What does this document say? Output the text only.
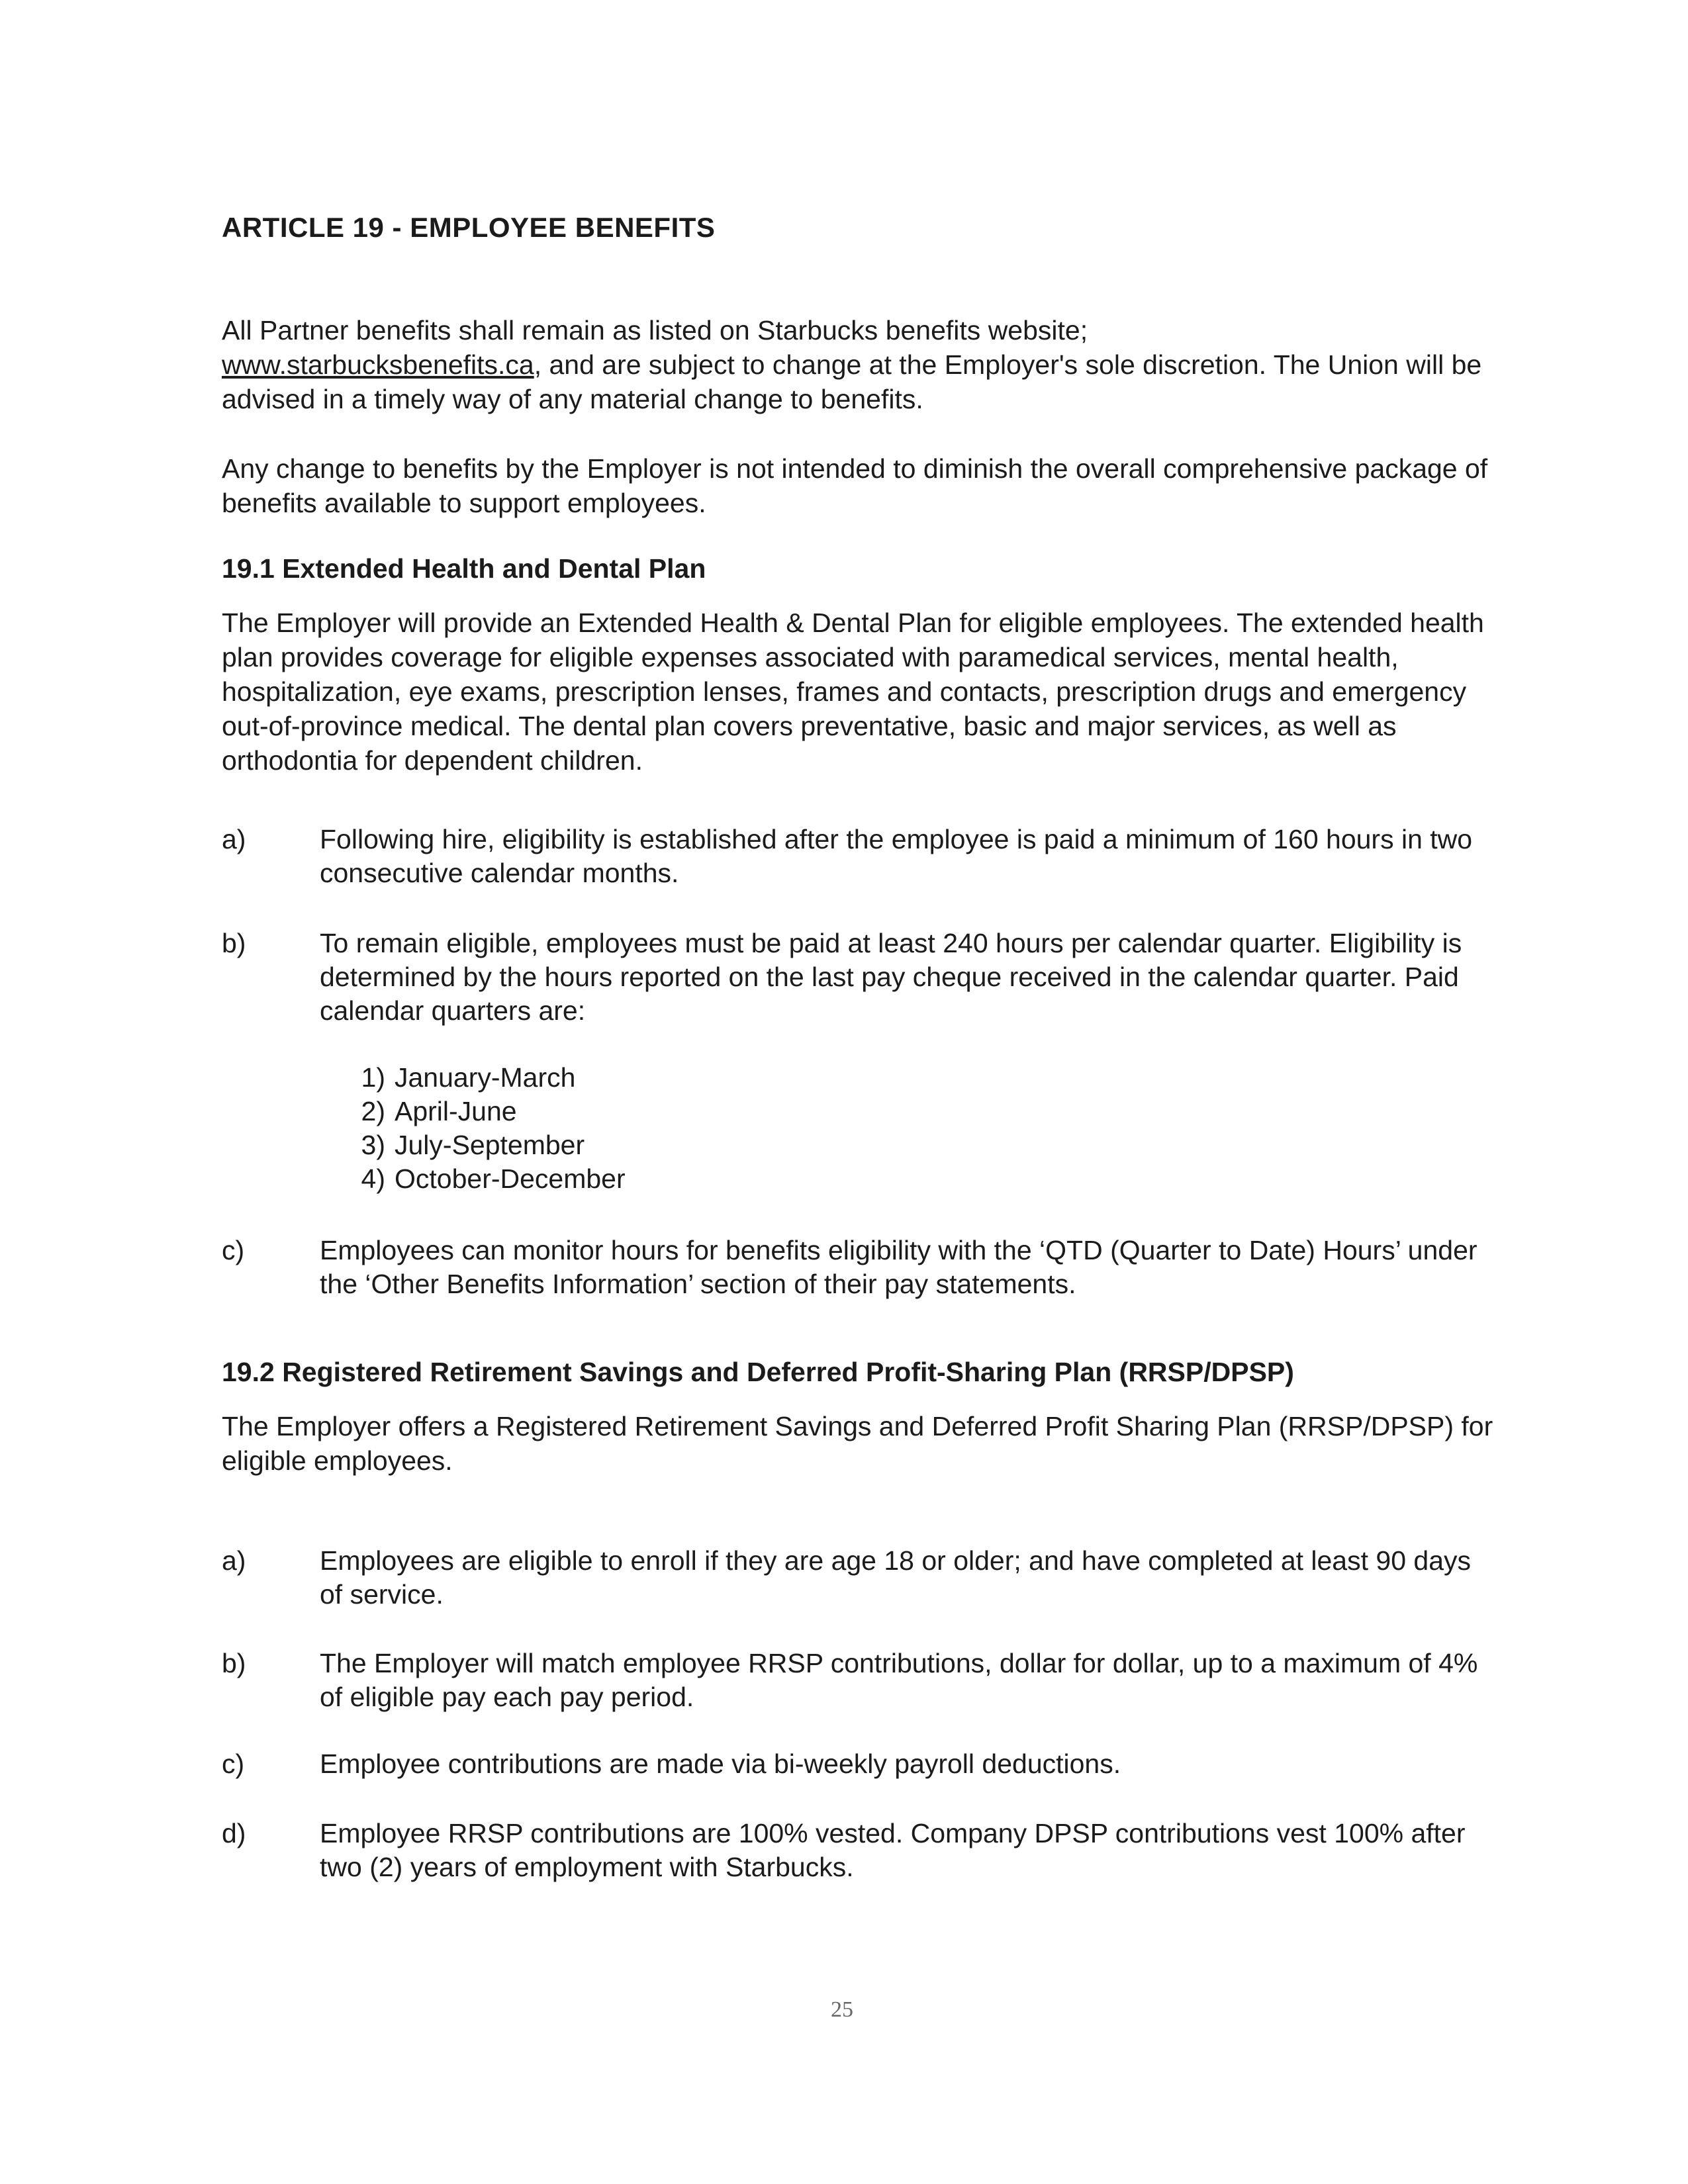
ARTICLE 19 - EMPLOYEE BENEFITS

All Partner benefits shall remain as listed on Starbucks benefits website;
www.starbucksbenefits.ca, and are subject to change at the Employer's sole discretion. The Union will be advised in a timely way of any material change to benefits.

Any change to benefits by the Employer is not intended to diminish the overall comprehensive package of benefits available to support employees.

19.1 Extended Health and Dental Plan

The Employer will provide an Extended Health & Dental Plan for eligible employees. The extended health plan provides coverage for eligible expenses associated with paramedical services, mental health, hospitalization, eye exams, prescription lenses, frames and contacts, prescription drugs and emergency out-of-province medical. The dental plan covers preventative, basic and major services, as well as orthodontia for dependent children.

a)	Following hire, eligibility is established after the employee is paid a minimum of 160 hours in two consecutive calendar months.
b)	To remain eligible, employees must be paid at least 240 hours per calendar quarter. Eligibility is determined by the hours reported on the last pay cheque received in the calendar quarter. Paid calendar quarters are:
1) January-March
2) April-June
3) July-September
4) October-December
c)	Employees can monitor hours for benefits eligibility with the ‘QTD (Quarter to Date) Hours’ under the ‘Other Benefits Information’ section of their pay statements.
19.2 Registered Retirement Savings and Deferred Profit-Sharing Plan (RRSP/DPSP)

The Employer offers a Registered Retirement Savings and Deferred Profit Sharing Plan (RRSP/DPSP) for eligible employees.

a)	Employees are eligible to enroll if they are age 18 or older; and have completed at least 90 days of service.
b)	The Employer will match employee RRSP contributions, dollar for dollar, up to a maximum of 4% of eligible pay each pay period.
c)	Employee contributions are made via bi-weekly payroll deductions.
d)	Employee RRSP contributions are 100% vested. Company DPSP contributions vest 100% after two (2) years of employment with Starbucks.
25
